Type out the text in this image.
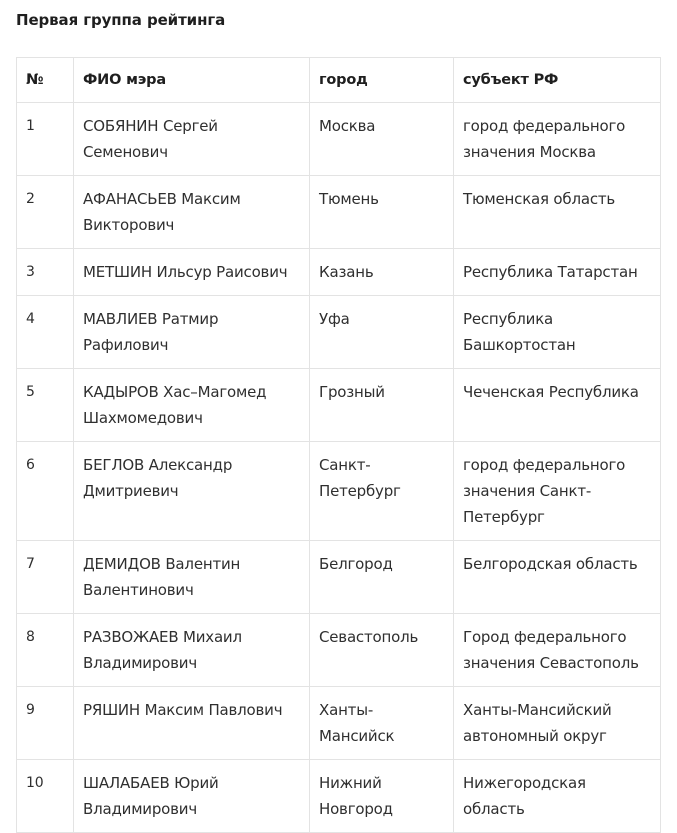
Первая группа рейтинга
№	ФИО мэра	город	субъект РФ
1	СОБЯНИН Сергей Семенович	Москва	город федерального значения Москва
2	АФАНАСЬЕВ Максим Викторович	Тюмень	Тюменская область
3	МЕТШИН Ильсур Раисович	Казань	Республика Татарстан
4	МАВЛИЕВ Ратмир Рафилович	Уфа	Республика Башкортостан
5	КАДЫРОВ Хас–Магомед Шахмомедович	Грозный	Чеченская Республика
6	БЕГЛОВ Александр Дмитриевич	Санкт-Петербург	город федерального значения Санкт-Петербург
7	ДЕМИДОВ Валентин Валентинович	Белгород	Белгородская область
8	РАЗВОЖАЕВ Михаил Владимирович	Севастополь	Город федерального значения Севастополь
9	РЯШИН Максим Павлович	Ханты-Мансийск	Ханты-Мансийский автономный округ
10	ШАЛАБАЕВ Юрий Владимирович	Нижний Новгород	Нижегородская область
